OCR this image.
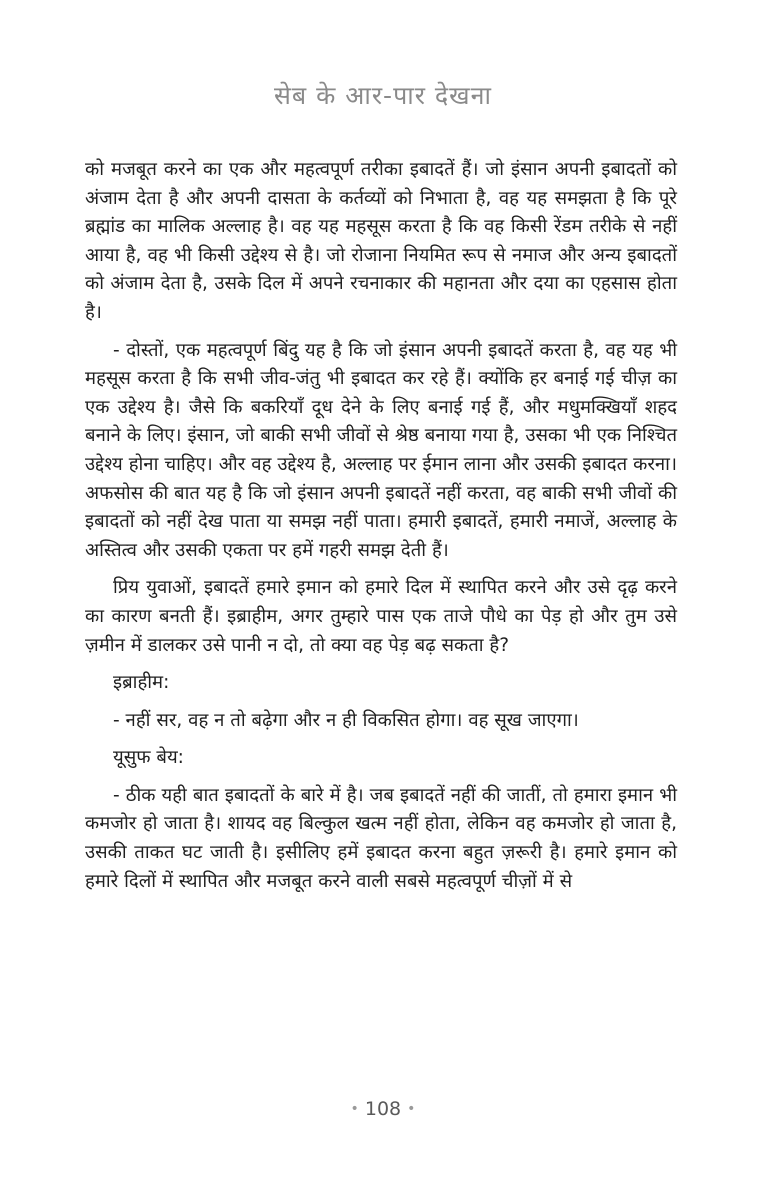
सेब के आर-पार देखना

को मजबूत करने का एक और महत्वपूर्ण तरीका इबादतें हैं। जो इंसान अपनी इबादतों को अंजाम देता है और अपनी दासता के कर्तव्यों को निभाता है, वह यह समझता है कि पूरे ब्रह्मांड का मालिक अल्लाह है। वह यह महसूस करता है कि वह किसी रेंडम तरीके से नहीं आया है, वह भी किसी उद्देश्य से है। जो रोजाना नियमित रूप से नमाज और अन्य इबादतों को अंजाम देता है, उसके दिल में अपने रचनाकार की महानता और दया का एहसास होता है।

- दोस्तों, एक महत्वपूर्ण बिंदु यह है कि जो इंसान अपनी इबादतें करता है, वह यह भी महसूस करता है कि सभी जीव-जंतु भी इबादत कर रहे हैं। क्योंकि हर बनाई गई चीज़ का एक उद्देश्य है। जैसे कि बकरियाँ दूध देने के लिए बनाई गई हैं, और मधुमक्खियाँ शहद बनाने के लिए। इंसान, जो बाकी सभी जीवों से श्रेष्ठ बनाया गया है, उसका भी एक निश्चित उद्देश्य होना चाहिए। और वह उद्देश्य है, अल्लाह पर ईमान लाना और उसकी इबादत करना। अफसोस की बात यह है कि जो इंसान अपनी इबादतें नहीं करता, वह बाकी सभी जीवों की इबादतों को नहीं देख पाता या समझ नहीं पाता। हमारी इबादतें, हमारी नमाजें, अल्लाह के अस्तित्व और उसकी एकता पर हमें गहरी समझ देती हैं।

प्रिय युवाओं, इबादतें हमारे इमान को हमारे दिल में स्थापित करने और उसे दृढ़ करने का कारण बनती हैं। इब्राहीम, अगर तुम्हारे पास एक ताजे पौधे का पेड़ हो और तुम उसे ज़मीन में डालकर उसे पानी न दो, तो क्या वह पेड़ बढ़ सकता है?

इब्राहीम:

- नहीं सर, वह न तो बढ़ेगा और न ही विकसित होगा। वह सूख जाएगा।

यूसुफ बेय:

- ठीक यही बात इबादतों के बारे में है। जब इबादतें नहीं की जातीं, तो हमारा इमान भी कमजोर हो जाता है। शायद वह बिल्कुल खत्म नहीं होता, लेकिन वह कमजोर हो जाता है, उसकी ताकत घट जाती है। इसीलिए हमें इबादत करना बहुत ज़रूरी है। हमारे इमान को हमारे दिलों में स्थापित और मजबूत करने वाली सबसे महत्वपूर्ण चीज़ों में से

• 108 •
